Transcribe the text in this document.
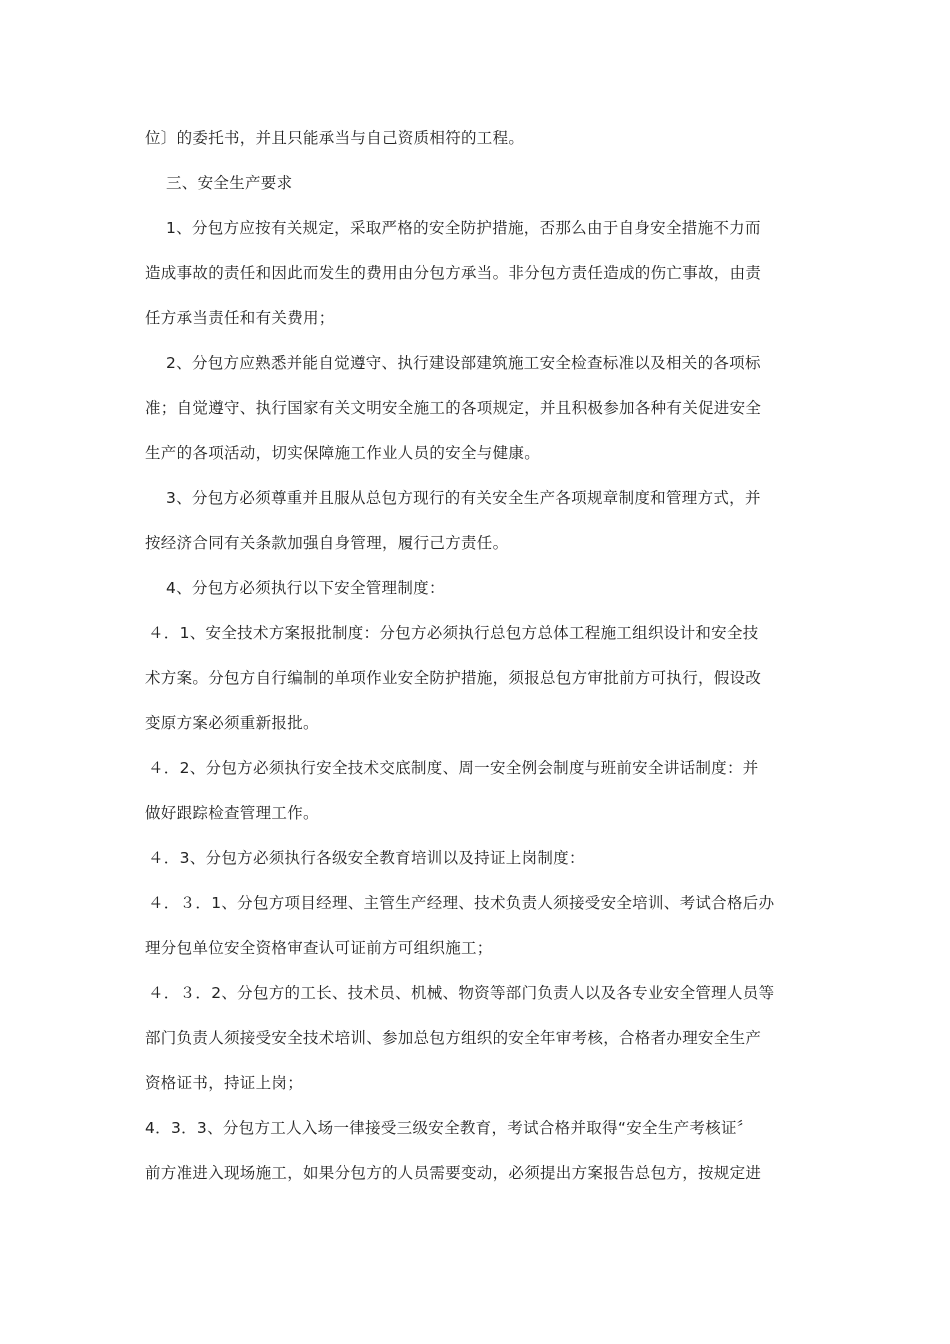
位〕的委托书，并且只能承当与自己资质相符的工程。
三、安全生产要求
1、分包方应按有关规定，采取严格的安全防护措施，否那么由于自身安全措施不力而
造成事故的责任和因此而发生的费用由分包方承当。非分包方责任造成的伤亡事故，由责
任方承当责任和有关费用；
2、分包方应熟悉并能自觉遵守、执行建设部建筑施工安全检查标准以及相关的各项标
准；自觉遵守、执行国家有关文明安全施工的各项规定，并且积极参加各种有关促进安全
生产的各项活动，切实保障施工作业人员的安全与健康。
3、分包方必须尊重并且服从总包方现行的有关安全生产各项规章制度和管理方式，并
按经济合同有关条款加强自身管理，履行己方责任。
4、分包方必须执行以下安全管理制度：
４．1、安全技术方案报批制度：分包方必须执行总包方总体工程施工组织设计和安全技
术方案。分包方自行编制的单项作业安全防护措施，须报总包方审批前方可执行，假设改
变原方案必须重新报批。
４．2、分包方必须执行安全技术交底制度、周一安全例会制度与班前安全讲话制度：并
做好跟踪检查管理工作。
４．3、分包方必须执行各级安全教育培训以及持证上岗制度：
４．３．1、分包方项目经理、主管生产经理、技术负责人须接受安全培训、考试合格后办
理分包单位安全资格审查认可证前方可组织施工；
４．３．2、分包方的工长、技术员、机械、物资等部门负责人以及各专业安全管理人员等
部门负责人须接受安全技术培训、参加总包方组织的安全年审考核，合格者办理安全生产
资格证书，持证上岗；
4．3．3、分包方工人入场一律接受三级安全教育，考试合格并取得“安全生产考核证〞
前方准进入现场施工，如果分包方的人员需要变动，必须提出方案报告总包方，按规定进
